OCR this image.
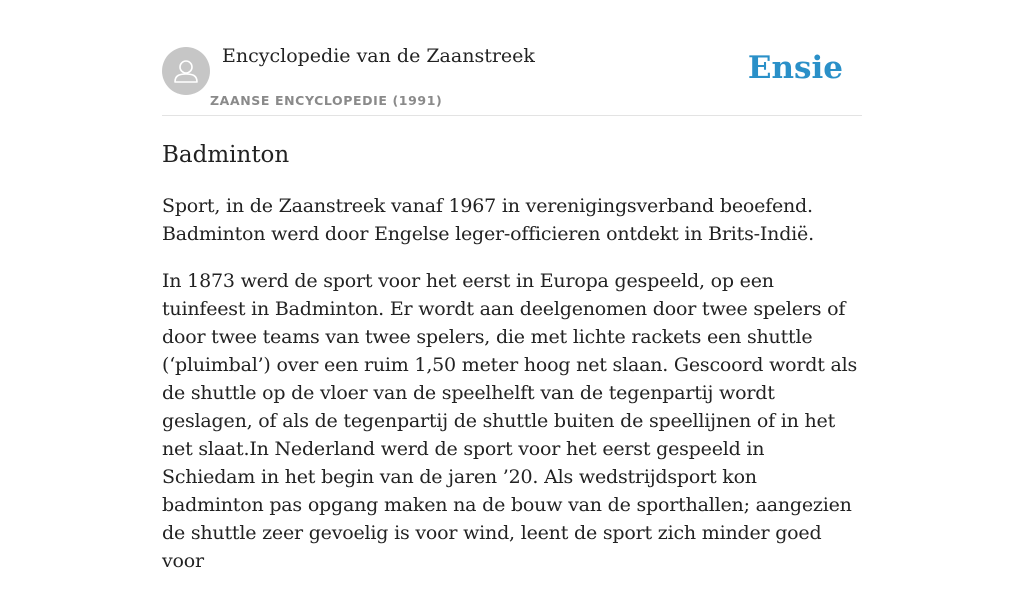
Encyclopedie van de Zaanstreek
ZAANSE ENCYCLOPEDIE (1991)
Ensie
Badminton

Sport, in de Zaanstreek vanaf 1967 in verenigingsverband beoefend. Badminton werd door Engelse leger-officieren ontdekt in Brits-Indië.

In 1873 werd de sport voor het eerst in Europa gespeeld, op een tuinfeest in Badminton. Er wordt aan deelgenomen door twee spelers of door twee teams van twee spelers, die met lichte rackets een shuttle (‘pluimbal’) over een ruim 1,50 meter hoog net slaan. Gescoord wordt als de shuttle op de vloer van de speelhelft van de tegenpartij wordt geslagen, of als de tegenpartij de shuttle buiten de speellijnen of in het net slaat.In Nederland werd de sport voor het eerst gespeeld in Schiedam in het begin van de jaren ’20. Als wedstrijdsport kon badminton pas opgang maken na de bouw van de sporthallen; aangezien de shuttle zeer gevoelig is voor wind, leent de sport zich minder goed voor
